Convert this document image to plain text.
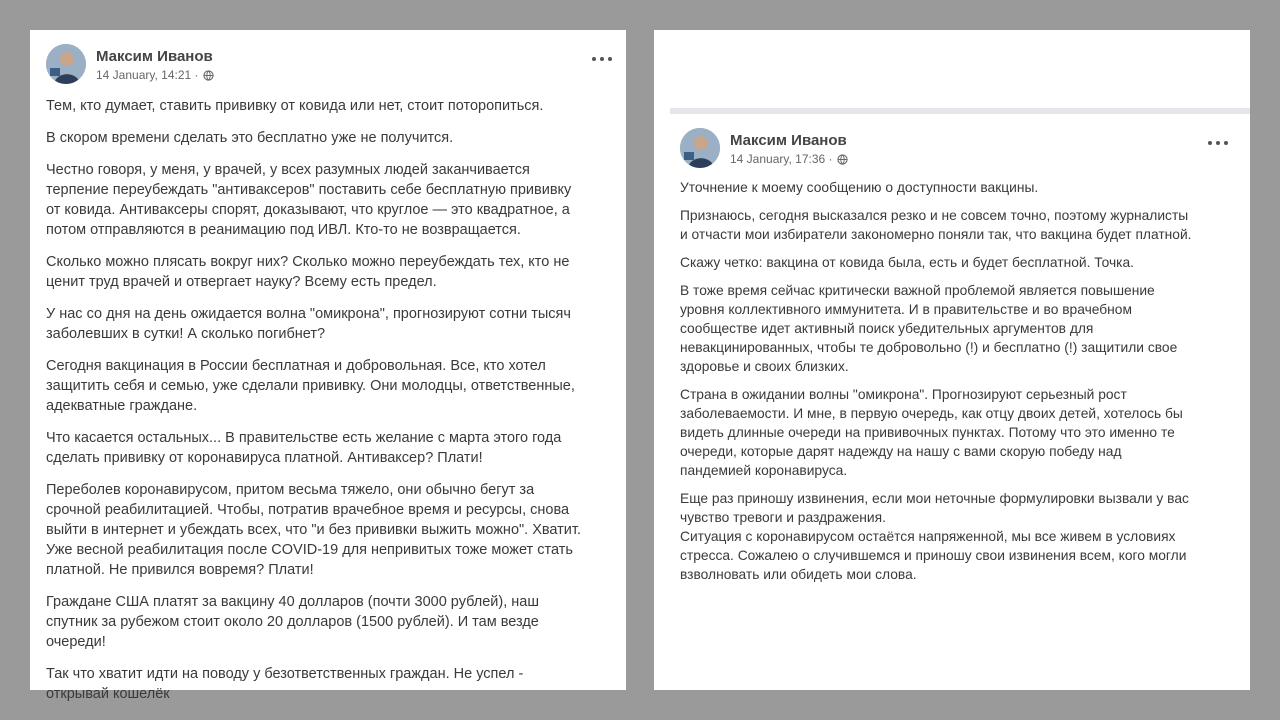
Максим Иванов
14 January, 14:21 ·

Тем, кто думает, ставить прививку от ковида или нет, стоит поторопиться.

В скором времени сделать это бесплатно уже не получится.

Честно говоря, у меня, у врачей, у всех разумных людей заканчивается
терпение переубеждать "антиваксеров" поставить себе бесплатную прививку
от ковида. Антиваксеры спорят, доказывают, что круглое — это квадратное, а
потом отправляются в реанимацию под ИВЛ. Кто-то не возвращается.

Сколько можно плясать вокруг них? Сколько можно переубеждать тех, кто не
ценит труд врачей и отвергает науку? Всему есть предел.

У нас со дня на день ожидается волна "омикрона", прогнозируют сотни тысяч
заболевших в сутки! А сколько погибнет?

Сегодня вакцинация в России бесплатная и добровольная. Все, кто хотел
защитить себя и семью, уже сделали прививку. Они молодцы, ответственные,
адекватные граждане.

Что касается остальных... В правительстве есть желание с марта этого года
сделать прививку от коронавируса платной. Антиваксер? Плати!

Переболев коронавирусом, притом весьма тяжело, они обычно бегут за
срочной реабилитацией. Чтобы, потратив врачебное время и ресурсы, снова
выйти в интернет и убеждать всех, что "и без прививки выжить можно". Хватит.
Уже весной реабилитация после COVID-19 для непривитых тоже может стать
платной. Не привился вовремя? Плати!

Граждане США платят за вакцину 40 долларов (почти 3000 рублей), наш
спутник за рубежом стоит около 20 долларов (1500 рублей). И там везде
очереди!

Так что хватит идти на поводу у безответственных граждан. Не успел -
открывай кошелёк

Максим Иванов
14 January, 17:36 ·

Уточнение к моему сообщению о доступности вакцины.

Признаюсь, сегодня высказался резко и не совсем точно, поэтому журналисты
и отчасти мои избиратели закономерно поняли так, что вакцина будет платной.

Скажу четко: вакцина от ковида была, есть и будет бесплатной. Точка.

В тоже время сейчас критически важной проблемой является повышение
уровня коллективного иммунитета. И в правительстве и во врачебном
сообществе идет активный поиск убедительных аргументов для
невакцинированных, чтобы те добровольно (!) и бесплатно (!) защитили свое
здоровье и своих близких.

Страна в ожидании волны "омикрона". Прогнозируют серьезный рост
заболеваемости. И мне, в первую очередь, как отцу двоих детей, хотелось бы
видеть длинные очереди на прививочных пунктах. Потому что это именно те
очереди, которые дарят надежду на нашу с вами скорую победу над
пандемией коронавируса.

Еще раз приношу извинения, если мои неточные формулировки вызвали у вас
чувство тревоги и раздражения.
Ситуация с коронавирусом остаётся напряженной, мы все живем в условиях
стресса. Сожалею о случившемся и приношу свои извинения всем, кого могли
взволновать или обидеть мои слова.
